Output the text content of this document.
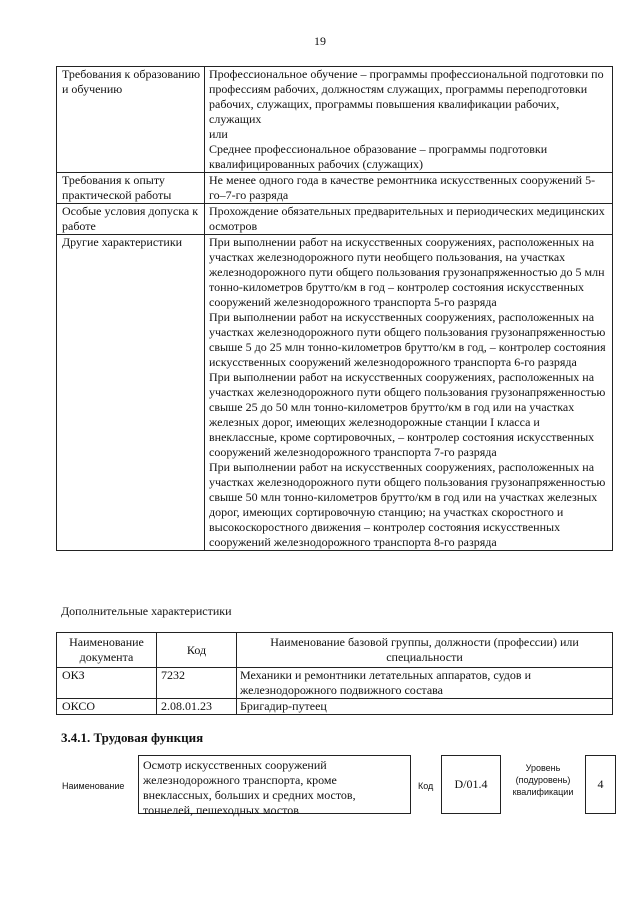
19
Требования к образованию и обучению	Профессиональное обучение – программы профессиональной подготовки по профессиям рабочих, должностям служащих, программы переподготовки рабочих, служащих, программы повышения квалификации рабочих, служащих

или

Среднее профессиональное образование – программы подготовки квалифицированных рабочих (служащих)

Требования к опыту практической работы	Не менее одного года в качестве ремонтника искусственных сооружений 5-го–7-го разряда

Особые условия допуска к работе	Прохождение обязательных предварительных и периодических медицинских осмотров

Другие характеристики	При выполнении работ на искусственных сооружениях, расположенных на участках железнодорожного пути необщего пользования, на участках железнодорожного пути общего пользования грузонапряженностью до 5 млн тонно-километров брутто/км в год – контролер состояния искусственных сооружений железнодорожного транспорта 5-го разряда

При выполнении работ на искусственных сооружениях, расположенных на участках железнодорожного пути общего пользования грузонапряженностью свыше 5 до 25 млн тонно-километров брутто/км в год, – контролер состояния искусственных сооружений железнодорожного транспорта 6-го разряда

При выполнении работ на искусственных сооружениях, расположенных на участках железнодорожного пути общего пользования грузонапряженностью свыше 25 до 50 млн тонно-километров брутто/км в год или на участках железных дорог, имеющих железнодорожные станции I класса и внеклассные, кроме сортировочных, – контролер состояния искусственных сооружений железнодорожного транспорта 7-го разряда

При выполнении работ на искусственных сооружениях, расположенных на участках железнодорожного пути общего пользования грузонапряженностью свыше 50 млн тонно-километров брутто/км в год или на участках железных дорог, имеющих сортировочную станцию; на участках скоростного и высокоскоростного движения – контролер состояния искусственных сооружений железнодорожного транспорта 8-го разряда

Дополнительные характеристики
Наименование документа	Код	Наименование базовой группы, должности (профессии) или специальности
ОКЗ	7232	Механики и ремонтники летательных аппаратов, судов и железнодорожного подвижного состава
ОКСО	2.08.01.23	Бригадир-путеец
3.4.1. Трудовая функция
Наименование
Осмотр искусственных сооружений железнодорожного транспорта, кроме внеклассных, больших и средних мостов, тоннелей, пешеходных мостов
Код	D/01.4
Уровень (подуровень) квалификации
4
